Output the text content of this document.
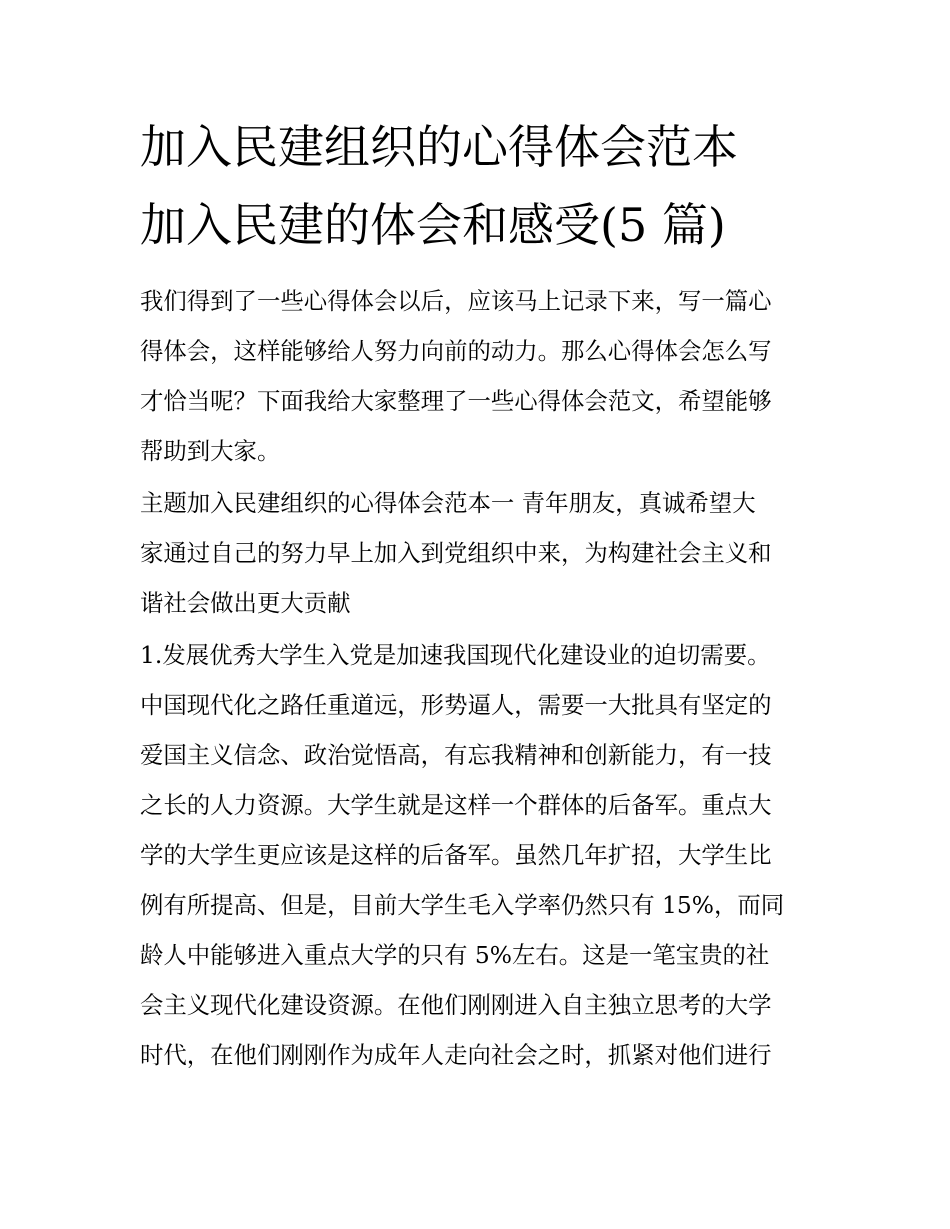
加入民建组织的心得体会范本
加入民建的体会和感受(5 篇)
我们得到了一些心得体会以后，应该马上记录下来，写一篇心
得体会，这样能够给人努力向前的动力。那么心得体会怎么写
才恰当呢？下面我给大家整理了一些心得体会范文，希望能够
帮助到大家。
主题加入民建组织的心得体会范本一 青年朋友，真诚希望大
家通过自己的努力早上加入到党组织中来，为构建社会主义和
谐社会做出更大贡献
1.发展优秀大学生入党是加速我国现代化建设业的迫切需要。
中国现代化之路任重道远，形势逼人，需要一大批具有坚定的
爱国主义信念、政治觉悟高，有忘我精神和创新能力，有一技
之长的人力资源。大学生就是这样一个群体的后备军。重点大
学的大学生更应该是这样的后备军。虽然几年扩招，大学生比
例有所提高、但是，目前大学生毛入学率仍然只有 15%，而同
龄人中能够进入重点大学的只有 5%左右。这是一笔宝贵的社
会主义现代化建设资源。在他们刚刚进入自主独立思考的大学
时代，在他们刚刚作为成年人走向社会之时，抓紧对他们进行
